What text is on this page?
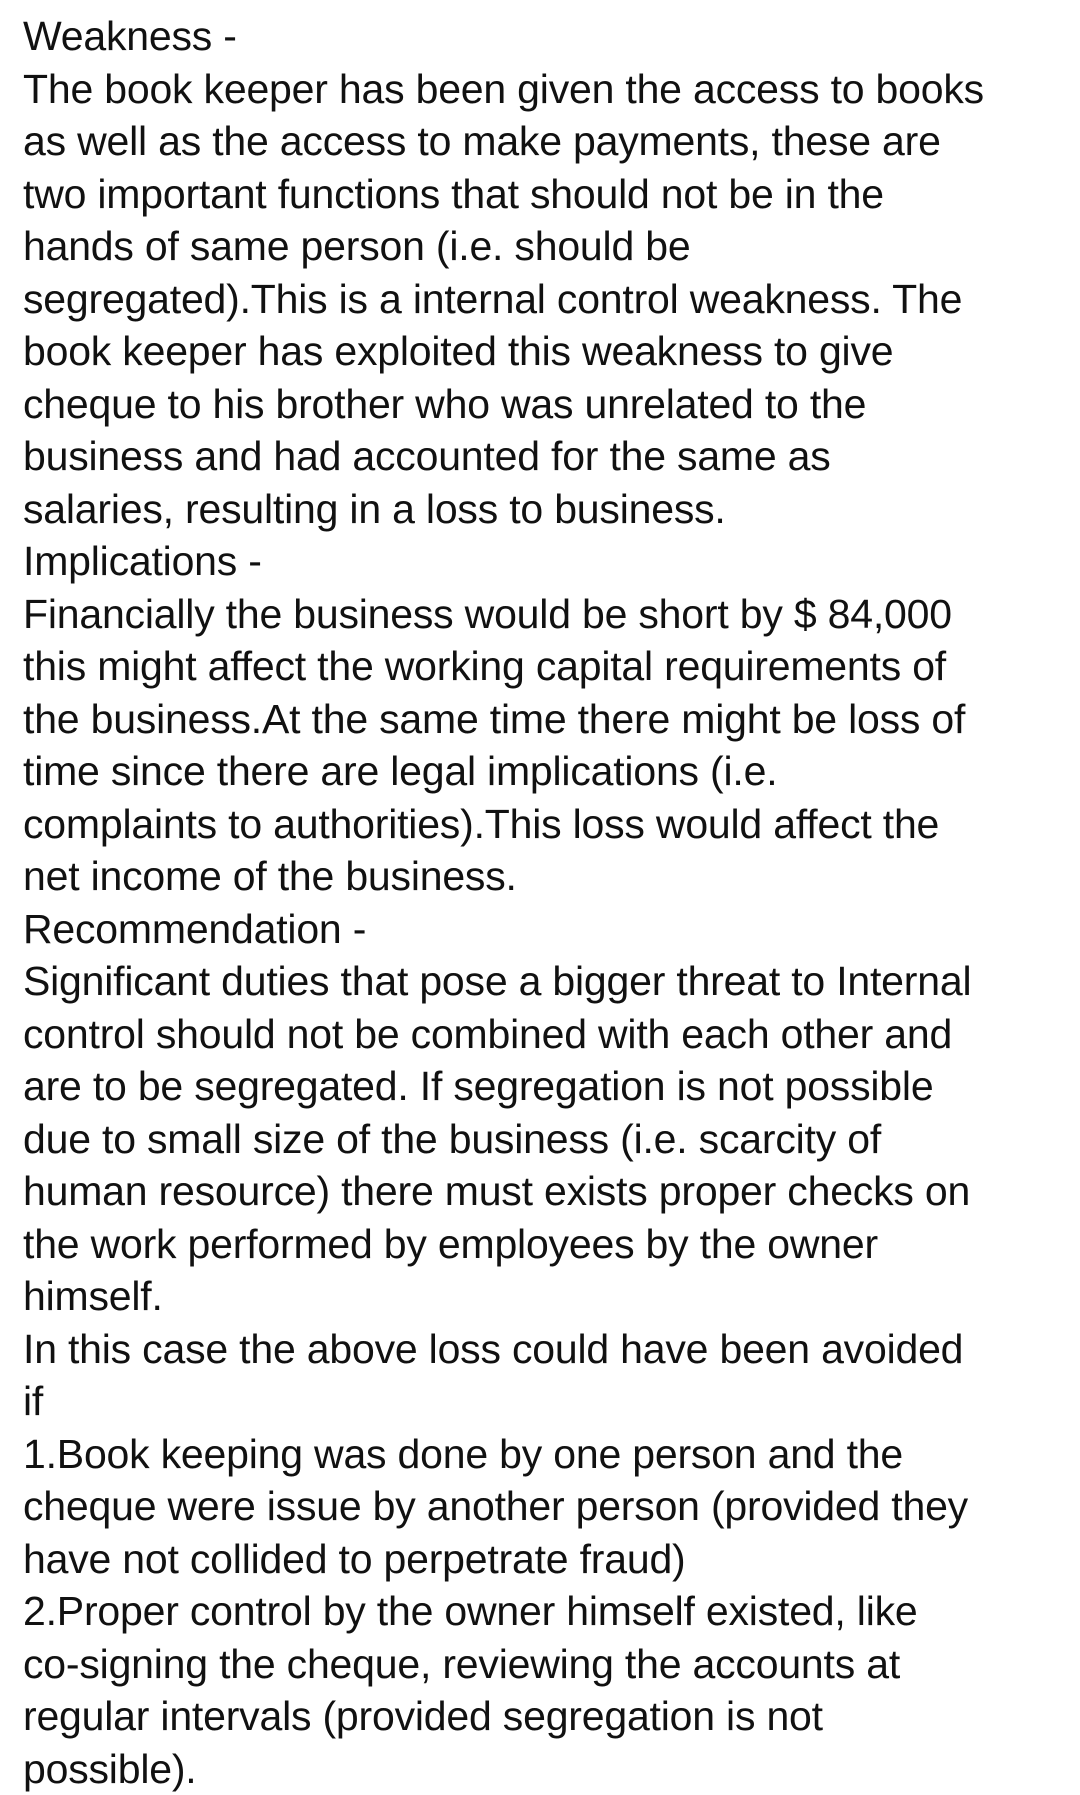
Weakness -
The book keeper has been given the access to books
as well as the access to make payments, these are
two important functions that should not be in the
hands of same person (i.e. should be
segregated).This is a internal control weakness. The
book keeper has exploited this weakness to give
cheque to his brother who was unrelated to the
business and had accounted for the same as
salaries, resulting in a loss to business.
Implications -
Financially the business would be short by $ 84,000
this might affect the working capital requirements of
the business.At the same time there might be loss of
time since there are legal implications (i.e.
complaints to authorities).This loss would affect the
net income of the business.
Recommendation -
Significant duties that pose a bigger threat to Internal
control should not be combined with each other and
are to be segregated. If segregation is not possible
due to small size of the business (i.e. scarcity of
human resource) there must exists proper checks on
the work performed by employees by the owner
himself.
In this case the above loss could have been avoided
if
1.Book keeping was done by one person and the
cheque were issue by another person (provided they
have not collided to perpetrate fraud)
2.Proper control by the owner himself existed, like
co-signing the cheque, reviewing the accounts at
regular intervals (provided segregation is not
possible).
